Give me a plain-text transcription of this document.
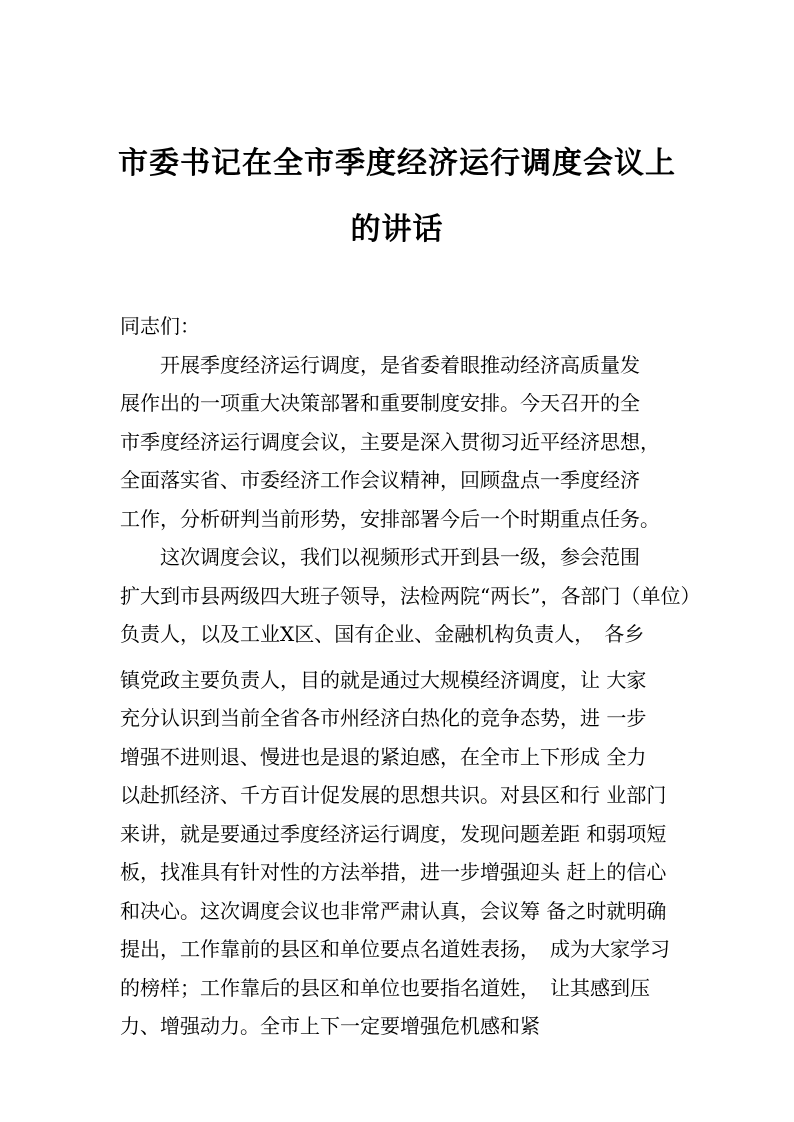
市委书记在全市季度经济运行调度会议上
的讲话

同志们：

开展季度经济运行调度，是省委着眼推动经济高质量发

展作出的一项重大决策部署和重要制度安排。今天召开的全

市季度经济运行调度会议，主要是深入贯彻习近平经济思想，

全面落实省、市委经济工作会议精神，回顾盘点一季度经济

工作，分析研判当前形势，安排部署今后一个时期重点任务。

这次调度会议，我们以视频形式开到县一级，参会范围

扩大到市县两级四大班子领导，法检两院“两长”，各部门（单位）

负责人，以及工业X区、国有企业、金融机构负责人，　各乡

镇党政主要负责人，目的就是通过大规模经济调度，让 大家

充分认识到当前全省各市州经济白热化的竞争态势，进 一步

增强不进则退、慢进也是退的紧迫感，在全市上下形成 全力

以赴抓经济、千方百计促发展的思想共识。对县区和行 业部门

来讲，就是要通过季度经济运行调度，发现问题差距 和弱项短

板，找准具有针对性的方法举措，进一步增强迎头 赶上的信心

和决心。这次调度会议也非常严肃认真，会议筹 备之时就明确

提出，工作靠前的县区和单位要点名道姓表扬，　成为大家学习

的榜样；工作靠后的县区和单位也要指名道姓，　让其感到压

力、增强动力。全市上下一定要增强危机感和紧
